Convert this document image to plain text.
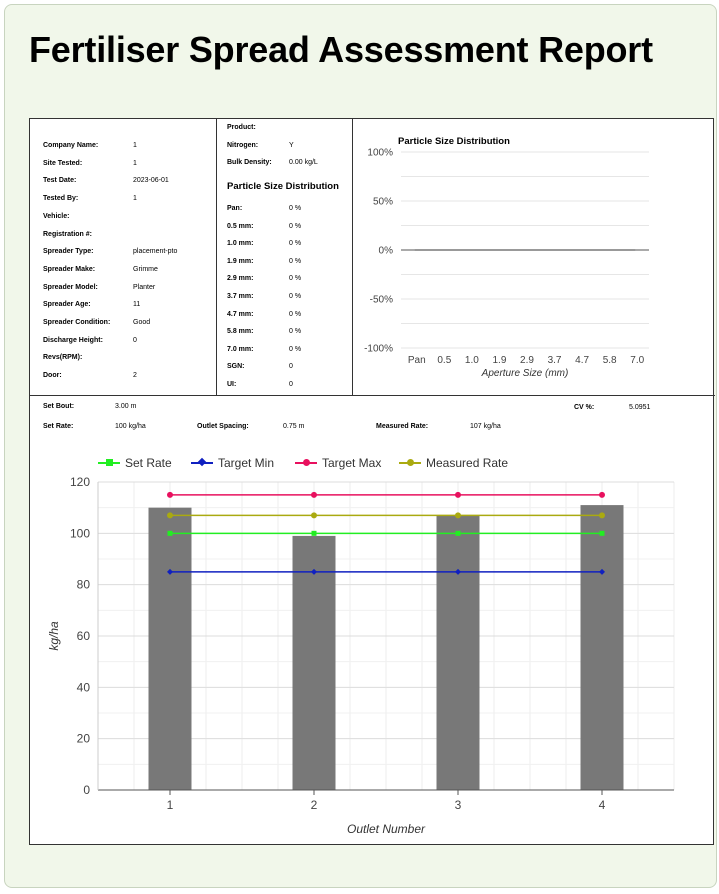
Fertiliser Spread Assessment Report
Company Name:	1
Site Tested:	1
Test Date:	2023-06-01
Tested By:	1
Vehicle:
Registration #:
Spreader Type:	placement-pto
Spreader Make:	Grimme
Spreader Model:	Planter
Spreader Age:	11
Spreader Condition:	Good
Discharge Height:	0
Revs(RPM):
Door:	2
Product:
Nitrogen:	Y
Bulk Density: 0.00 kg/L
Particle Size Distribution
Pan:	0 %
0.5 mm:	0 %
1.0 mm:	0 %
1.9 mm:	0 %
2.9 mm:	0 %
3.7 mm:	0 %
4.7 mm:	0 %
5.8 mm:	0 %
7.0 mm:	0 %
SGN:	0
UI:	0
Particle Size Distribution
100%
50%
0%
-50%
-100%
Pan 0.5 1.0 1.9 2.9 3.7 4.7 5.8 7.0
Aperture Size (mm)
Set Bout:	3.00 m	CV %:	5.0951
Set Rate:	100 kg/ha	Outlet Spacing:	0.75 m	Measured Rate:	107 kg/ha
Set Rate	Target Min	Target Max	Measured Rate
0
20
40
60
80
100
120
1	2	3	4
kg/ha
Outlet Number
